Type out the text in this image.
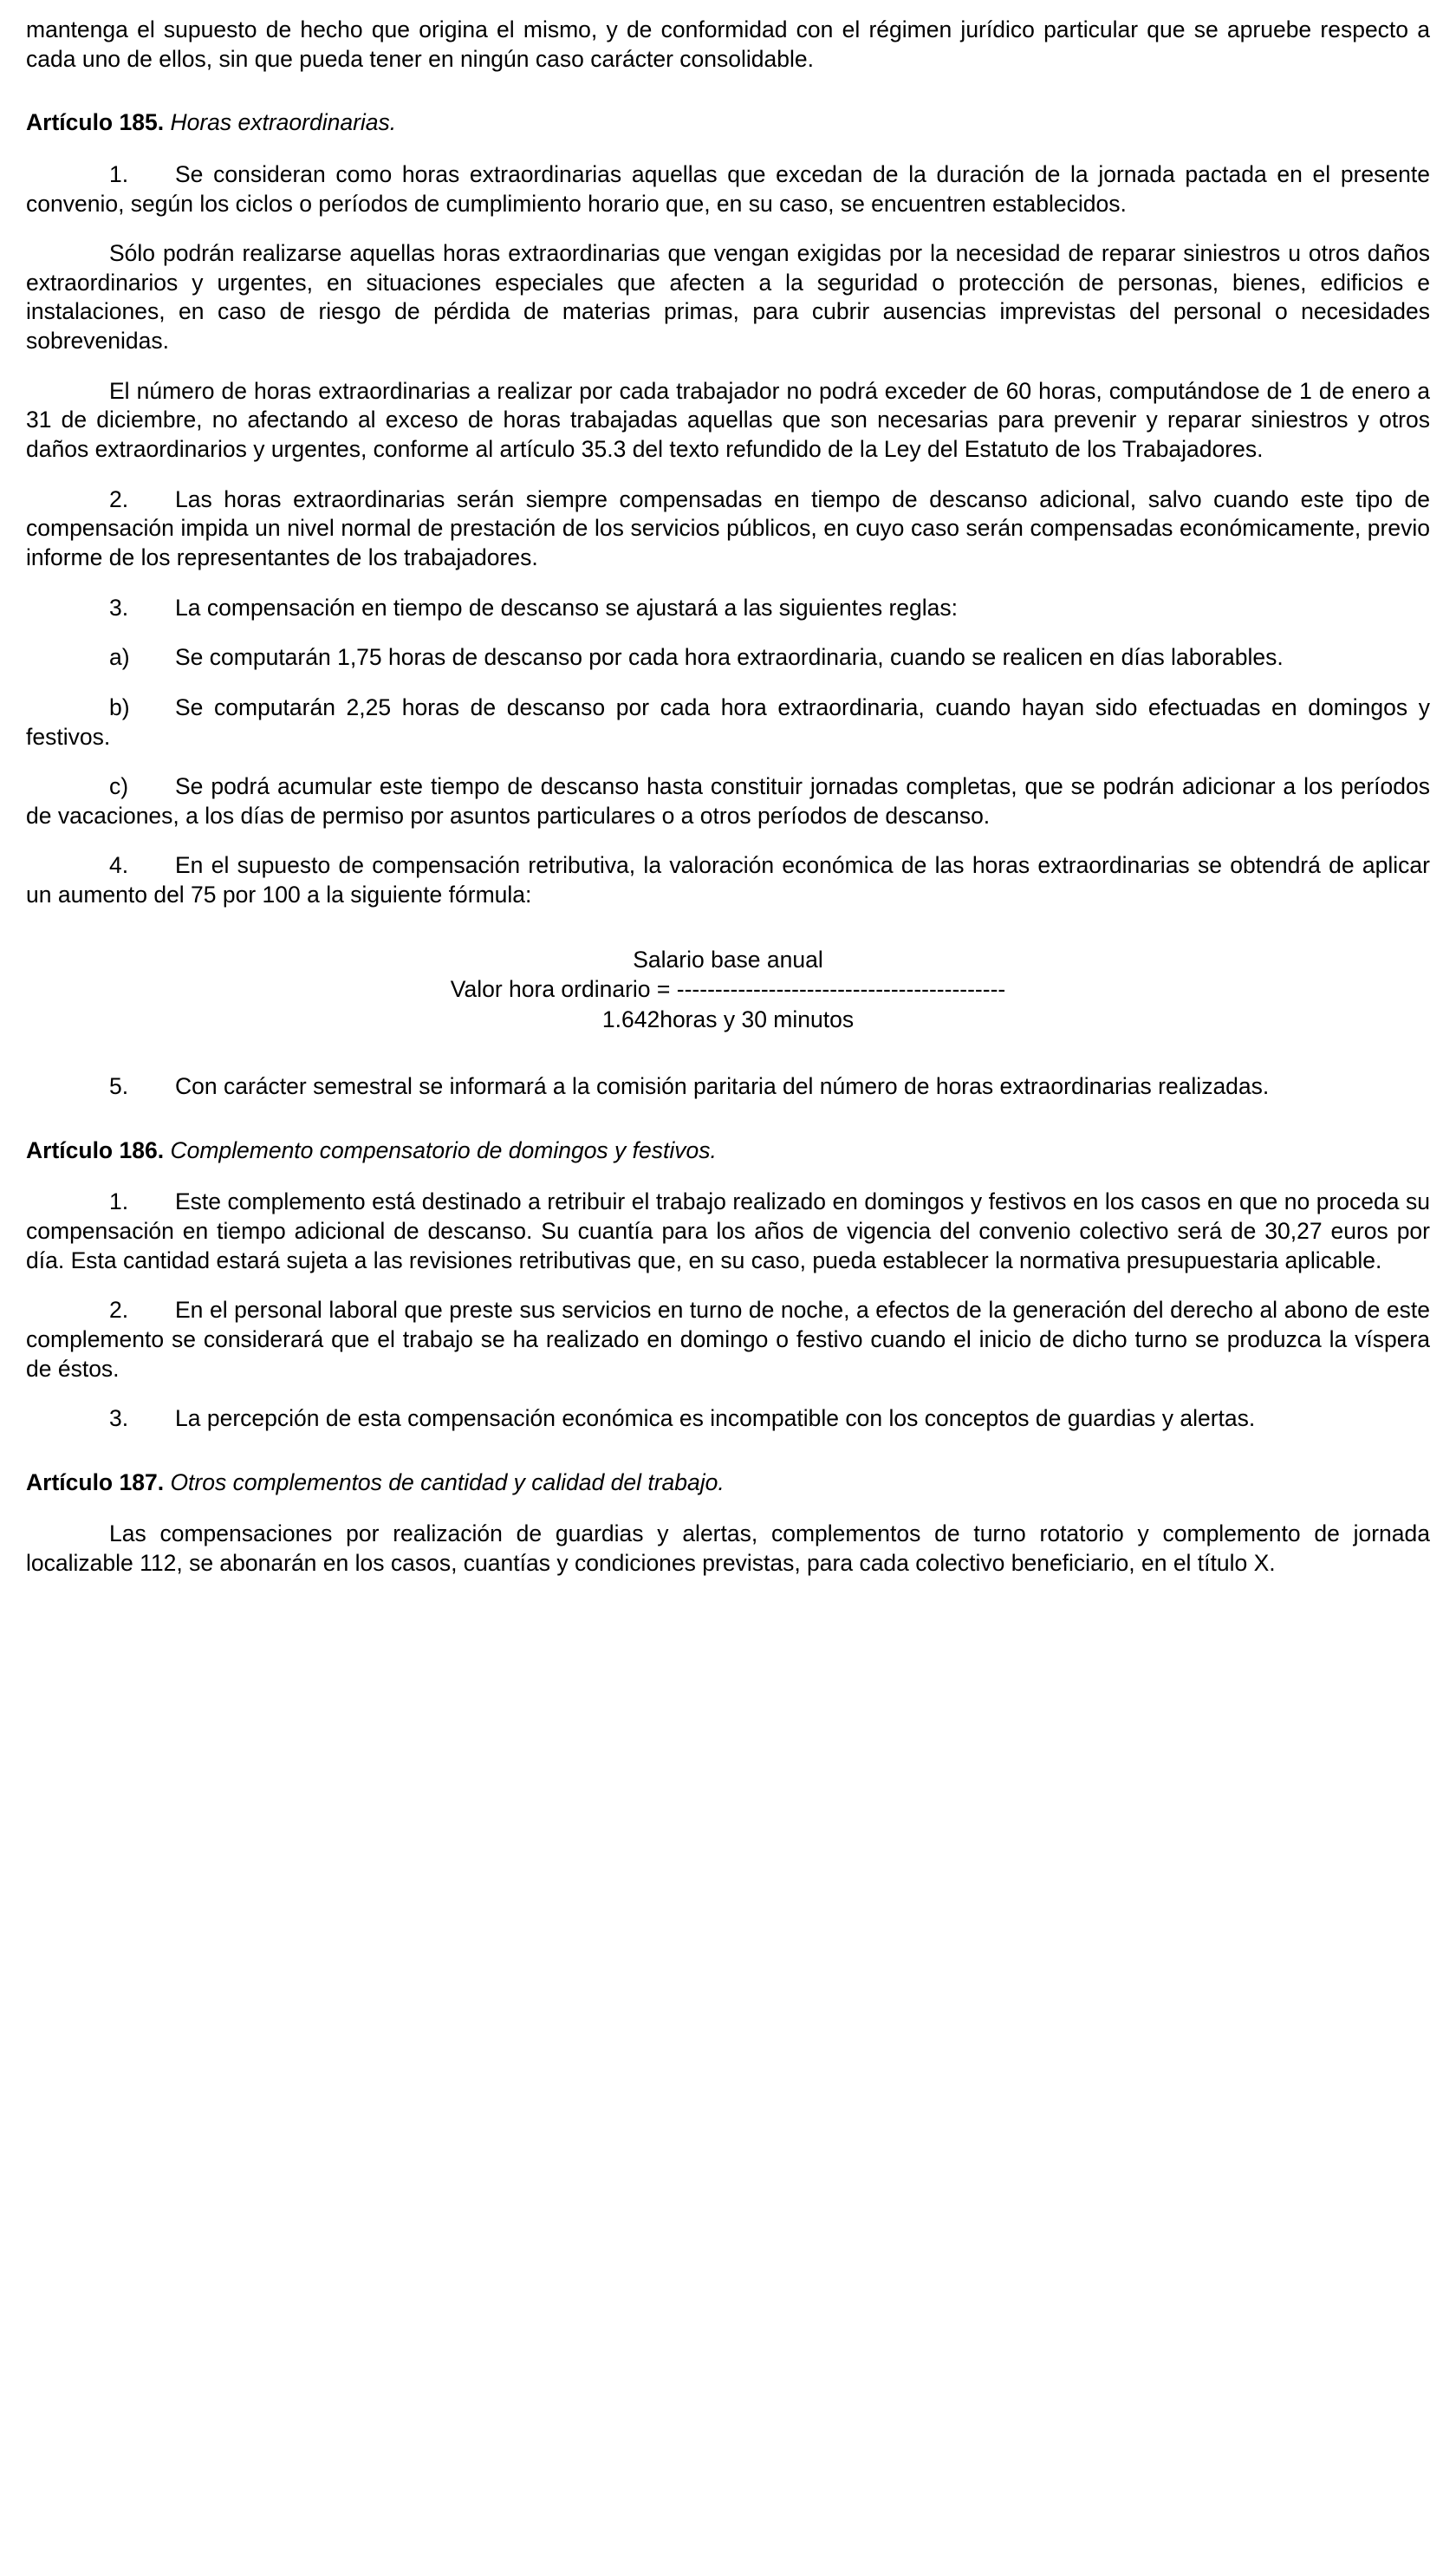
mantenga el supuesto de hecho que origina el mismo, y de conformidad con el régimen jurídico particular que se apruebe respecto a cada uno de ellos, sin que pueda tener en ningún caso carácter consolidable.

Artículo 185. Horas extraordinarias.

1. Se consideran como horas extraordinarias aquellas que excedan de la duración de la jornada pactada en el presente convenio, según los ciclos o períodos de cumplimiento horario que, en su caso, se encuentren establecidos.

Sólo podrán realizarse aquellas horas extraordinarias que vengan exigidas por la necesidad de reparar siniestros u otros daños extraordinarios y urgentes, en situaciones especiales que afecten a la seguridad o protección de personas, bienes, edificios e instalaciones, en caso de riesgo de pérdida de materias primas, para cubrir ausencias imprevistas del personal o necesidades sobrevenidas.

El número de horas extraordinarias a realizar por cada trabajador no podrá exceder de 60 horas, computándose de 1 de enero a 31 de diciembre, no afectando al exceso de horas trabajadas aquellas que son necesarias para prevenir y reparar siniestros y otros daños extraordinarios y urgentes, conforme al artículo 35.3 del texto refundido de la Ley del Estatuto de los Trabajadores.

2. Las horas extraordinarias serán siempre compensadas en tiempo de descanso adicional, salvo cuando este tipo de compensación impida un nivel normal de prestación de los servicios públicos, en cuyo caso serán compensadas económicamente, previo informe de los representantes de los trabajadores.

3. La compensación en tiempo de descanso se ajustará a las siguientes reglas:

a) Se computarán 1,75 horas de descanso por cada hora extraordinaria, cuando se realicen en días laborables.

b) Se computarán 2,25 horas de descanso por cada hora extraordinaria, cuando hayan sido efectuadas en domingos y festivos.

c) Se podrá acumular este tiempo de descanso hasta constituir jornadas completas, que se podrán adicionar a los períodos de vacaciones, a los días de permiso por asuntos particulares o a otros períodos de descanso.

4. En el supuesto de compensación retributiva, la valoración económica de las horas extraordinarias se obtendrá de aplicar un aumento del 75 por 100 a la siguiente fórmula:

Salario base anual
Valor hora ordinario = -------------------------------------------
1.642horas y 30 minutos

5. Con carácter semestral se informará a la comisión paritaria del número de horas extraordinarias realizadas.

Artículo 186. Complemento compensatorio de domingos y festivos.

1. Este complemento está destinado a retribuir el trabajo realizado en domingos y festivos en los casos en que no proceda su compensación en tiempo adicional de descanso. Su cuantía para los años de vigencia del convenio colectivo será de 30,27 euros por día. Esta cantidad estará sujeta a las revisiones retributivas que, en su caso, pueda establecer la normativa presupuestaria aplicable.

2. En el personal laboral que preste sus servicios en turno de noche, a efectos de la generación del derecho al abono de este complemento se considerará que el trabajo se ha realizado en domingo o festivo cuando el inicio de dicho turno se produzca la víspera de éstos.

3. La percepción de esta compensación económica es incompatible con los conceptos de guardias y alertas.

Artículo 187. Otros complementos de cantidad y calidad del trabajo.

Las compensaciones por realización de guardias y alertas, complementos de turno rotatorio y complemento de jornada localizable 112, se abonarán en los casos, cuantías y condiciones previstas, para cada colectivo beneficiario, en el título X.
